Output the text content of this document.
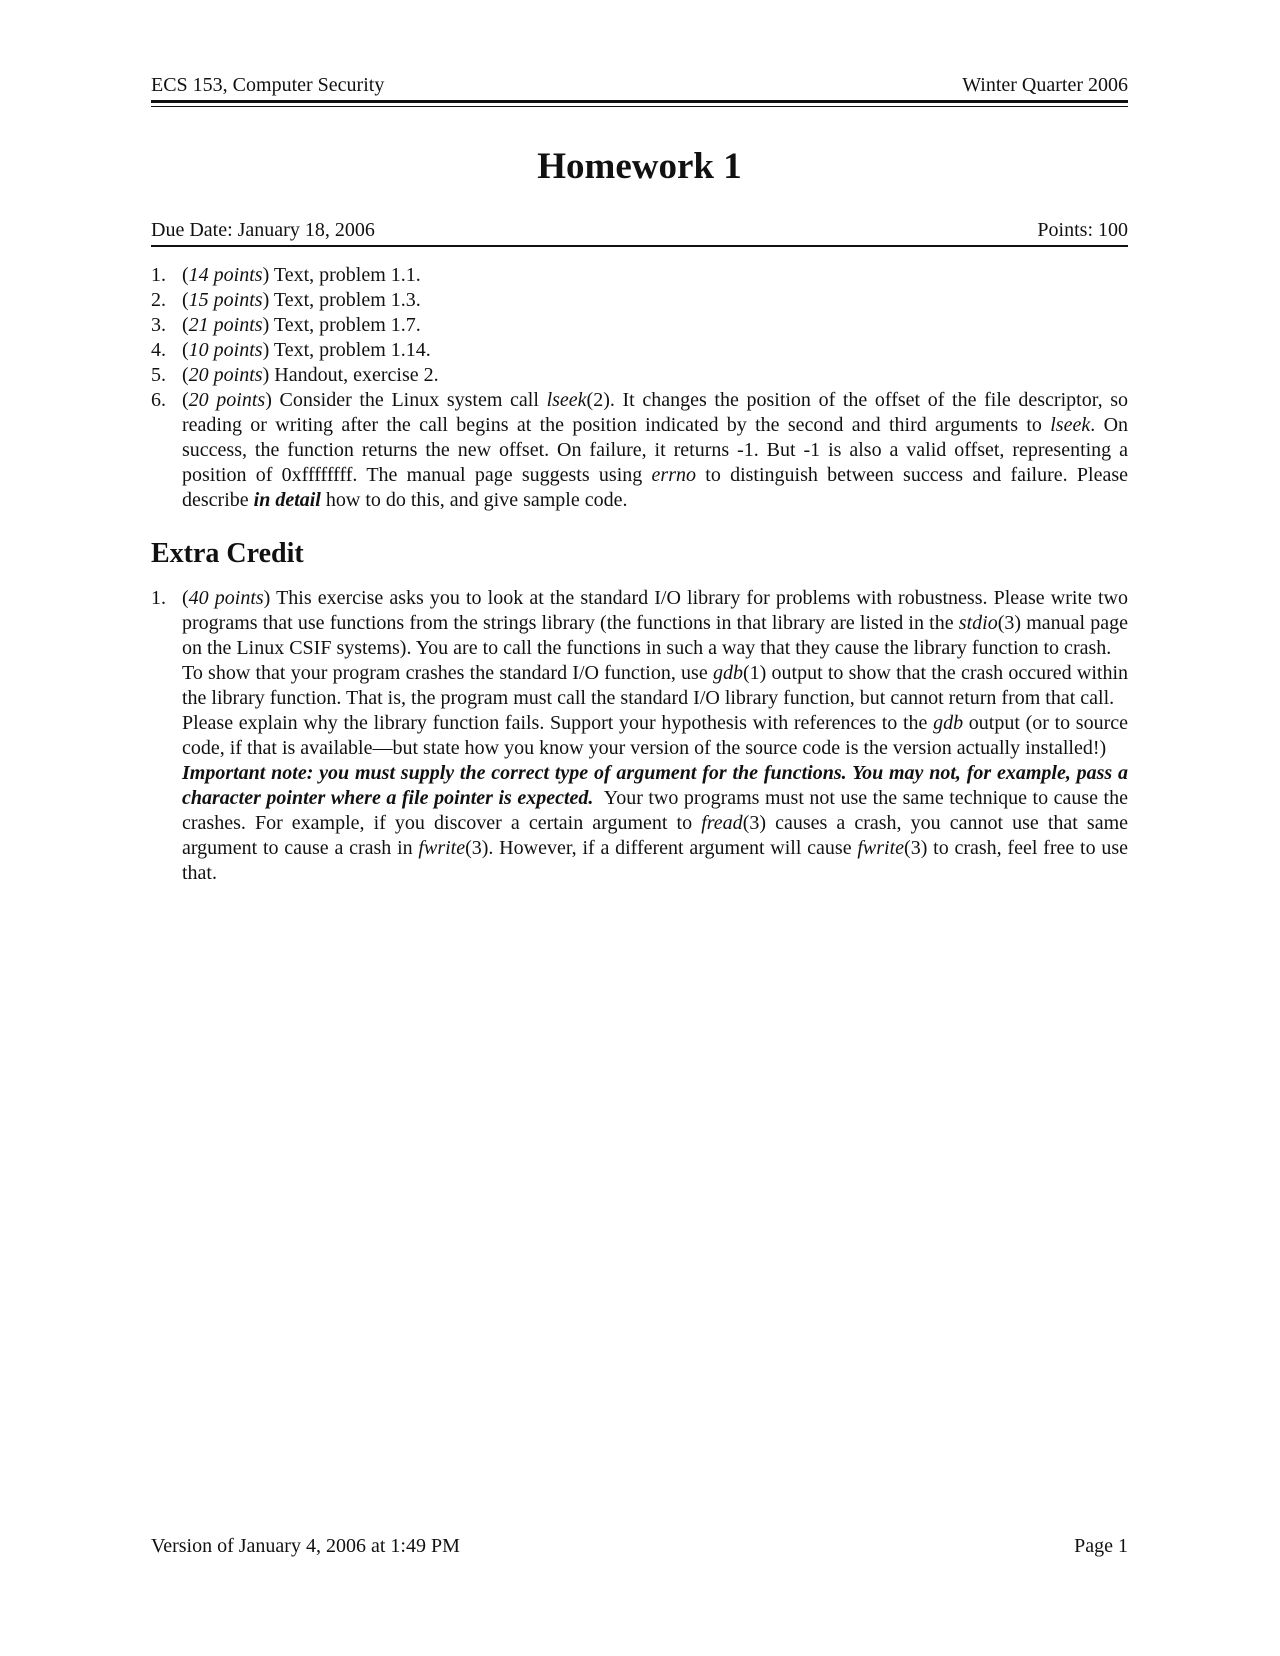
ECS 153, Computer Security	Winter Quarter 2006
Homework 1
Due Date: January 18, 2006	Points: 100
1. (14 points) Text, problem 1.1.
2. (15 points) Text, problem 1.3.
3. (21 points) Text, problem 1.7.
4. (10 points) Text, problem 1.14.
5. (20 points) Handout, exercise 2.
6. (20 points) Consider the Linux system call lseek(2). It changes the position of the offset of the file descriptor, so reading or writing after the call begins at the position indicated by the second and third arguments to lseek. On success, the function returns the new offset. On failure, it returns -1. But -1 is also a valid offset, representing a position of 0xffffffff. The manual page suggests using errno to distinguish between success and failure. Please describe in detail how to do this, and give sample code.
Extra Credit
1. (40 points) This exercise asks you to look at the standard I/O library for problems with robustness. Please write two programs that use functions from the strings library (the functions in that library are listed in the stdio(3) manual page on the Linux CSIF systems). You are to call the functions in such a way that they cause the library function to crash.

To show that your program crashes the standard I/O function, use gdb(1) output to show that the crash occured within the library function. That is, the program must call the standard I/O library function, but cannot return from that call.

Please explain why the library function fails. Support your hypothesis with references to the gdb output (or to source code, if that is available—but state how you know your version of the source code is the version actually installed!)

Important note: you must supply the correct type of argument for the functions. You may not, for example, pass a character pointer where a file pointer is expected. Your two programs must not use the same technique to cause the crashes. For example, if you discover a certain argument to fread(3) causes a crash, you cannot use that same argument to cause a crash in fwrite(3). However, if a different argument will cause fwrite(3) to crash, feel free to use that.

Version of January 4, 2006 at 1:49 PM	Page 1
